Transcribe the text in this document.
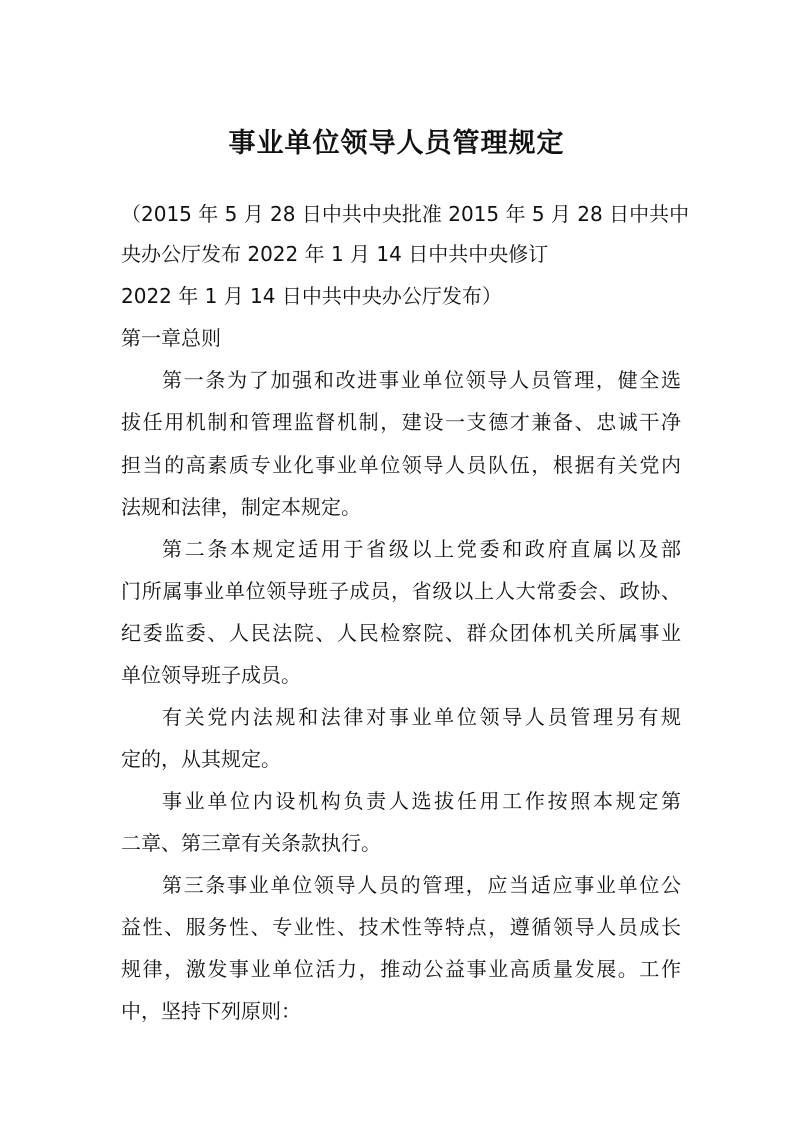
事业单位领导人员管理规定
（2015 年 5 月 28 日中共中央批准 2015 年 5 月 28 日中共中
央办公厅发布 2022 年 1 月 14 日中共中央修订
2022 年 1 月 14 日中共中央办公厅发布）
第一章总则
第一条为了加强和改进事业单位领导人员管理，健全选
拔任用机制和管理监督机制，建设一支德才兼备、忠诚干净
担当的高素质专业化事业单位领导人员队伍，根据有关党内
法规和法律，制定本规定。
第二条本规定适用于省级以上党委和政府直属以及部
门所属事业单位领导班子成员，省级以上人大常委会、政协、
纪委监委、人民法院、人民检察院、群众团体机关所属事业
单位领导班子成员。
有关党内法规和法律对事业单位领导人员管理另有规
定的，从其规定。
事业单位内设机构负责人选拔任用工作按照本规定第
二章、第三章有关条款执行。
第三条事业单位领导人员的管理，应当适应事业单位公
益性、服务性、专业性、技术性等特点，遵循领导人员成长
规律，激发事业单位活力，推动公益事业高质量发展。工作
中，坚持下列原则：
